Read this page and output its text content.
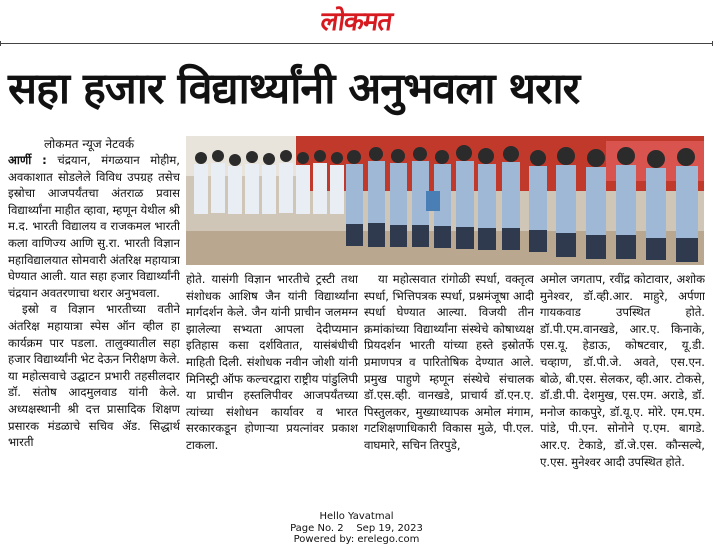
लोकमत
सहा हजार विद्यार्थ्यांनी अनुभवला थरार
लोकमत न्यूज नेटवर्क

आर्णी : चंद्रयान, मंगळयान मोहीम, अवकाशात सोडलेले विविध उपग्रह तसेच इस्रोचा आजपर्यंतचा अंतराळ प्रवास विद्यार्थ्यांना माहीत व्हावा, म्हणून येथील श्री म.द. भारती विद्यालय व राजकमल भारती कला वाणिज्य आणि सु.रा. भारती विज्ञान महाविद्यालयात सोमवारी अंतरिक्ष महायात्रा घेण्यात आली. यात सहा हजार विद्यार्थ्यांनी चंद्रयान अवतरणाचा थरार अनुभवला.

इस्रो व विज्ञान भारतीच्या वतीने अंतरिक्ष महायात्रा स्पेस ऑन व्हील हा कार्यक्रम पार पडला. तालुक्यातील सहा हजार विद्यार्थ्यांनी भेट देऊन निरीक्षण केले. या महोत्सवाचे उद्घाटन प्रभारी तहसीलदार डॉ. संतोष आदमुलवाड यांनी केले. अध्यक्षस्थानी श्री दत्त प्रासादिक शिक्षण प्रसारक मंडळाचे सचिव ॲड. सिद्धार्थ भारती

होते. यासंगी विज्ञान भारतीचे ट्रस्टी तथा संशोधक आशिष जैन यांनी विद्यार्थ्यांना मार्गदर्शन केले. जैन यांनी प्राचीन जलमग्न झालेल्या सभ्यता आपला देदीप्यमान इतिहास कसा दर्शवितात, यासंबंधीची माहिती दिली. संशोधक नवीन जोशी यांनी मिनिस्ट्री ऑफ कल्चरद्वारा राष्ट्रीय पांडुलिपी या प्राचीन हस्तलिपीवर आजपर्यंतच्या त्यांच्या संशोधन कार्यावर व भारत सरकारकडून होणाऱ्या प्रयत्नांवर प्रकाश टाकला.

या महोत्सवात रांगोळी स्पर्धा, वक्तृत्व स्पर्धा, भित्तिपत्रक स्पर्धा, प्रश्नमंजूषा आदी स्पर्धा घेण्यात आल्या. विजयी तीन क्रमांकांच्या विद्यार्थ्यांना संस्थेचे कोषाध्यक्ष प्रियदर्शन भारती यांच्या हस्ते इस्रोतर्फे प्रमाणपत्र व पारितोषिक देण्यात आले. प्रमुख पाहुणे म्हणून संस्थेचे संचालक डॉ.एस.व्ही. वानखडे, प्राचार्य डॉ.एन.ए. पिस्तुलकर, मुख्याध्यापक अमोल मंगाम, गटशिक्षणाधिकारी विकास मुळे, पी.एल. वाघमारे, सचिन तिरपुडे,

अमोल जगताप, रवींद्र कोटावार, अशोक मुनेश्वर, डॉ.व्ही.आर. माहुरे, अर्पणा गायकवाड उपस्थित होते. डॉ.पी.एम.वानखडे, आर.ए. किनाके, एस.यू. हेडाऊ, कोषटवार, यू.डी. चव्हाण, डॉ.पी.जे. अवते, एस.एन. बोळे, बी.एस. सेलकर, व्ही.आर. टोकसे, डॉ.डी.पी. देशमुख, एस.एम. अराडे, डॉ. मनोज काकपुरे, डॉ.यू.ए. मोरे. एम.एम. पांडे, पी.एन. सोनोने ए.एम. बागडे. आर.ए. टेकाडे, डॉ.जे.एस. कौन्सल्ये, ए.एस. मुनेश्वर आदी उपस्थित होते.

Hello Yavatmal
Page No. 2    Sep 19, 2023
Powered by: erelego.com
